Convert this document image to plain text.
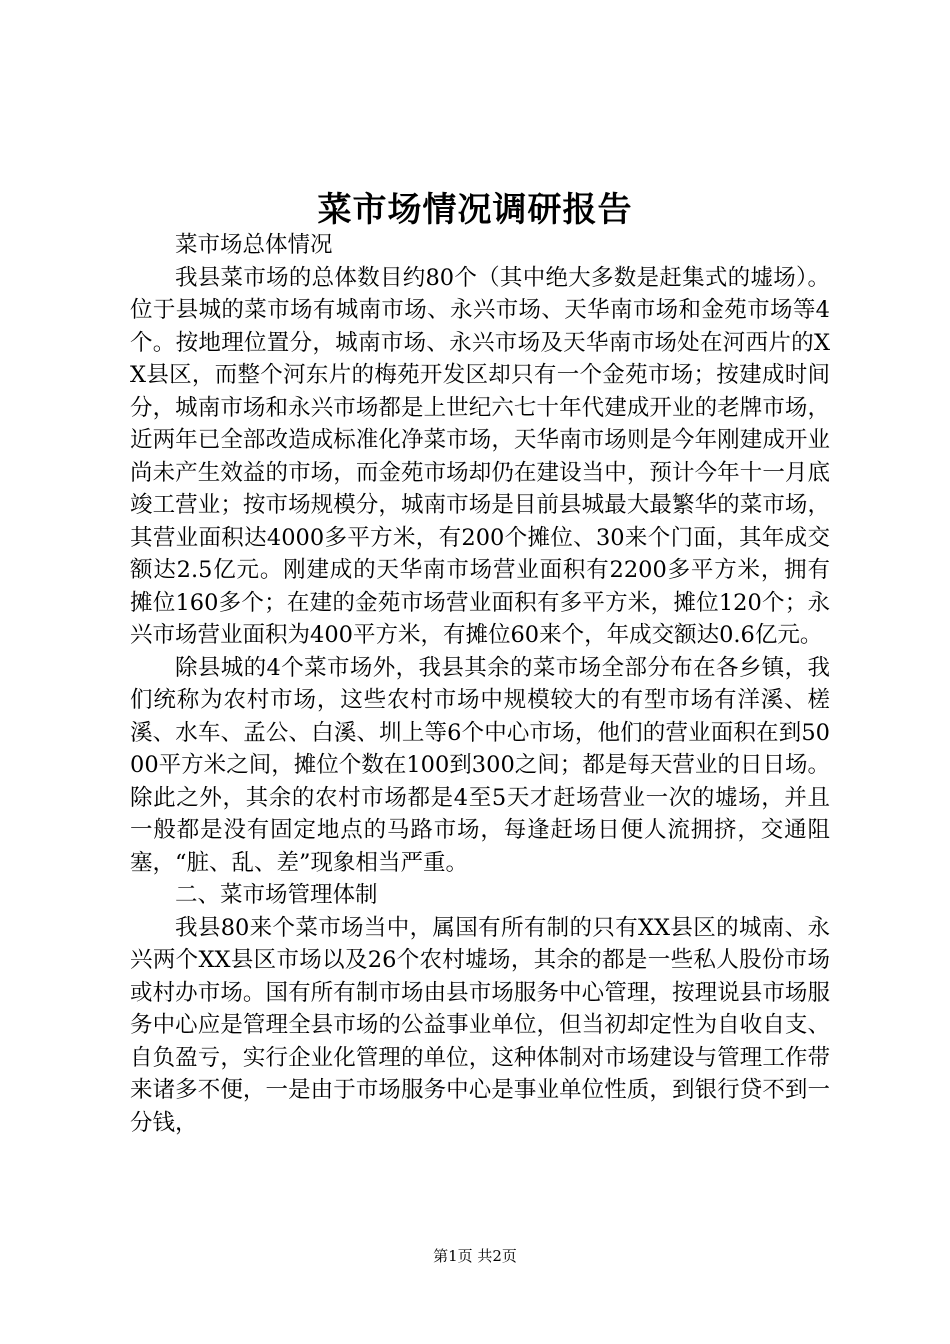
菜市场情况调研报告

菜市场总体情况

我县菜市场的总体数目约80个（其中绝大多数是赶集式的墟场）。位于县城的菜市场有城南市场、永兴市场、天华南市场和金苑市场等4个。按地理位置分，城南市场、永兴市场及天华南市场处在河西片的XX县区，而整个河东片的梅苑开发区却只有一个金苑市场；按建成时间分，城南市场和永兴市场都是上世纪六七十年代建成开业的老牌市场，近两年已全部改造成标准化净菜市场，天华南市场则是今年刚建成开业尚未产生效益的市场，而金苑市场却仍在建设当中，预计今年十一月底竣工营业；按市场规模分，城南市场是目前县城最大最繁华的菜市场，其营业面积达4000多平方米，有200个摊位、30来个门面，其年成交额达2.5亿元。刚建成的天华南市场营业面积有2200多平方米，拥有摊位160多个；在建的金苑市场营业面积有多平方米，摊位120个；永兴市场营业面积为400平方米，有摊位60来个，年成交额达0.6亿元。

除县城的4个菜市场外，我县其余的菜市场全部分布在各乡镇，我们统称为农村市场，这些农村市场中规模较大的有型市场有洋溪、槎溪、水车、孟公、白溪、圳上等6个中心市场，他们的营业面积在到5000平方米之间，摊位个数在100到300之间；都是每天营业的日日场。除此之外，其余的农村市场都是4至5天才赶场营业一次的墟场，并且一般都是没有固定地点的马路市场，每逢赶场日便人流拥挤，交通阻塞，“脏、乱、差”现象相当严重。

二、菜市场管理体制

我县80来个菜市场当中，属国有所有制的只有XX县区的城南、永兴两个XX县区市场以及26个农村墟场，其余的都是一些私人股份市场或村办市场。国有所有制市场由县市场服务中心管理，按理说县市场服务中心应是管理全县市场的公益事业单位，但当初却定性为自收自支、自负盈亏，实行企业化管理的单位，这种体制对市场建设与管理工作带来诸多不便，一是由于市场服务中心是事业单位性质，到银行贷不到一分钱，

第1页 共2页
